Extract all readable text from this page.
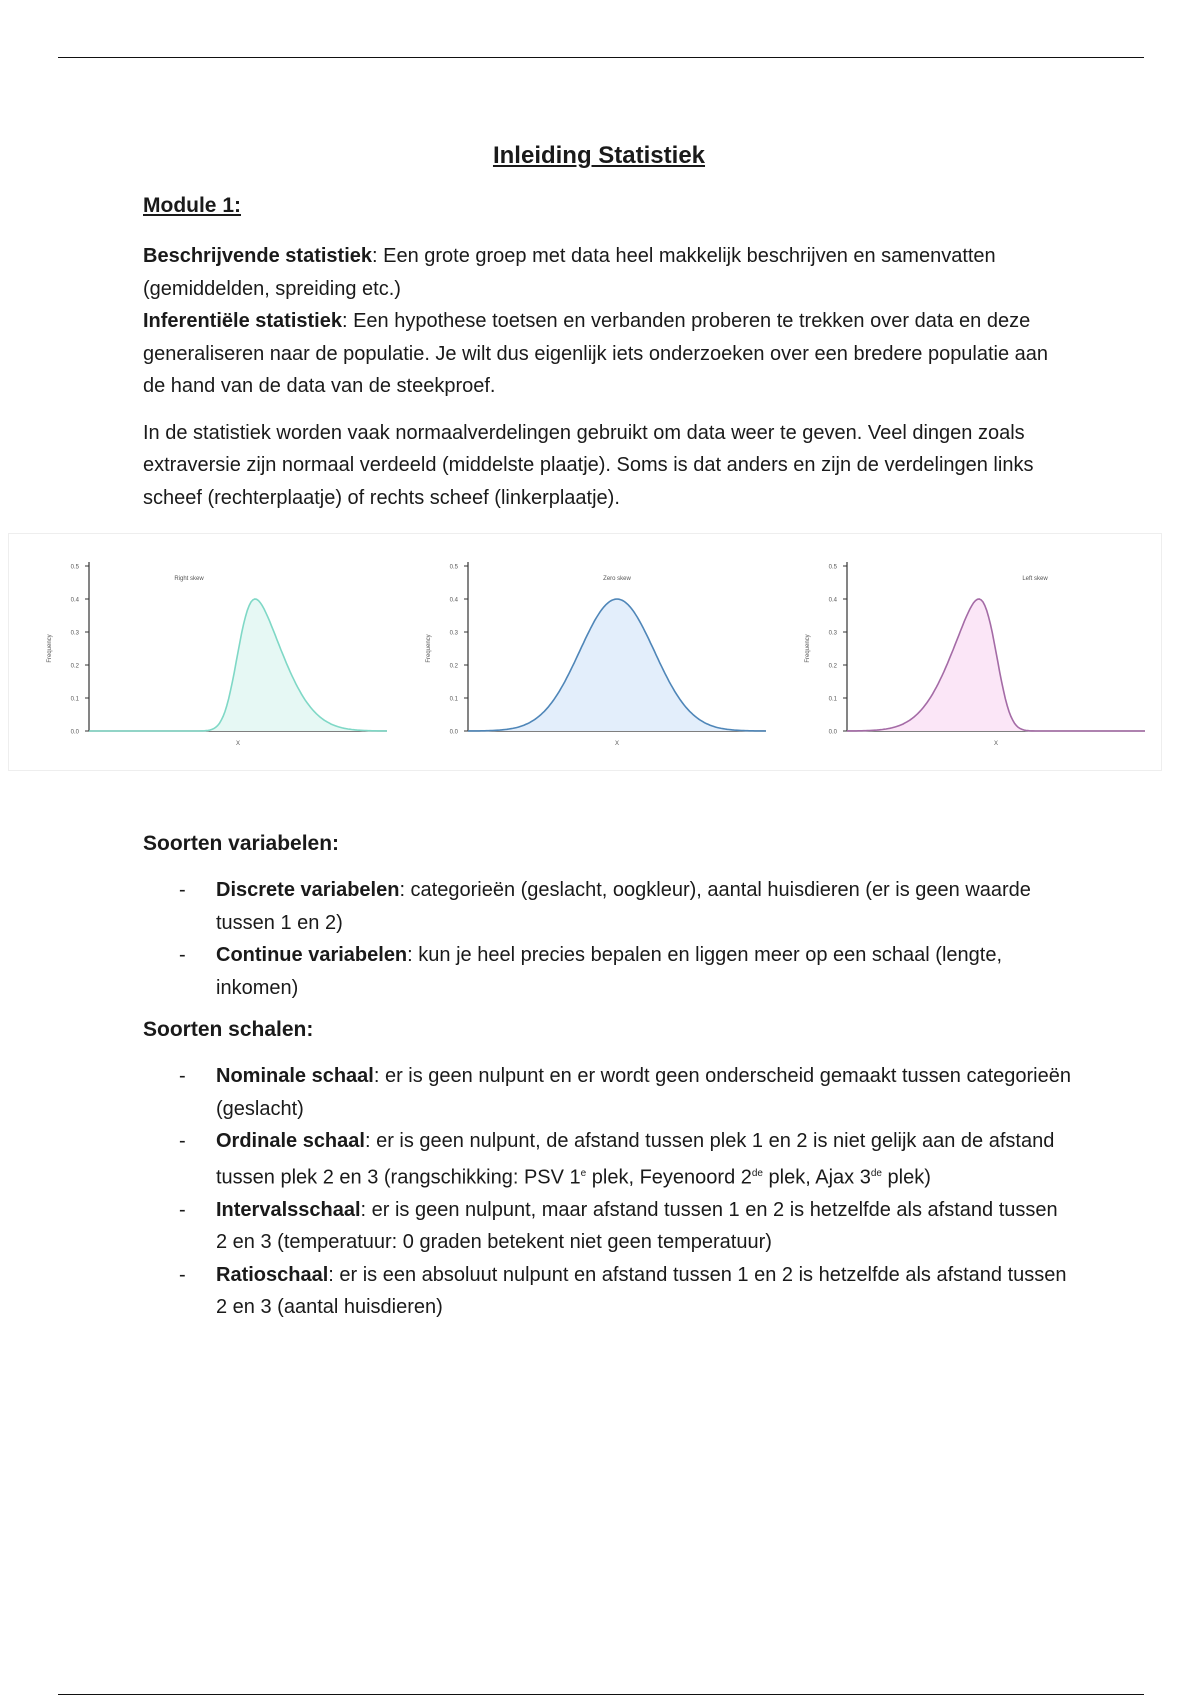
Inleiding Statistiek
Module 1:

Beschrijvende statistiek: Een grote groep met data heel makkelijk beschrijven en samenvatten (gemiddelden, spreiding etc.)
Inferentiële statistiek: Een hypothese toetsen en verbanden proberen te trekken over data en deze generaliseren naar de populatie. Je wilt dus eigenlijk iets onderzoeken over een bredere populatie aan de hand van de data van de steekproef.

In de statistiek worden vaak normaalverdelingen gebruikt om data weer te geven. Veel dingen zoals extraversie zijn normaal verdeeld (middelste plaatje). Soms is dat anders en zijn de verdelingen links scheef (rechterplaatje) of rechts scheef (linkerplaatje).

0.5
0.4
0.3
0.2
0.1
0.0
Frequency
X
Right skew
0.5
0.4
0.3
0.2
0.1
0.0
Frequency
X
Zero skew
0.5
0.4
0.3
0.2
0.1
0.0
Frequency
X
Left skew
Soorten variabelen:
- Discrete variabelen: categorieën (geslacht, oogkleur), aantal huisdieren (er is geen waarde tussen 1 en 2)
- Continue variabelen: kun je heel precies bepalen en liggen meer op een schaal (lengte, inkomen)
Soorten schalen:
- Nominale schaal: er is geen nulpunt en er wordt geen onderscheid gemaakt tussen categorieën (geslacht)
- Ordinale schaal: er is geen nulpunt, de afstand tussen plek 1 en 2 is niet gelijk aan de afstand tussen plek 2 en 3 (rangschikking: PSV 1e plek, Feyenoord 2de plek, Ajax 3de plek)
- Intervalsschaal: er is geen nulpunt, maar afstand tussen 1 en 2 is hetzelfde als afstand tussen 2 en 3 (temperatuur: 0 graden betekent niet geen temperatuur)
- Ratioschaal: er is een absoluut nulpunt en afstand tussen 1 en 2 is hetzelfde als afstand tussen 2 en 3 (aantal huisdieren)
